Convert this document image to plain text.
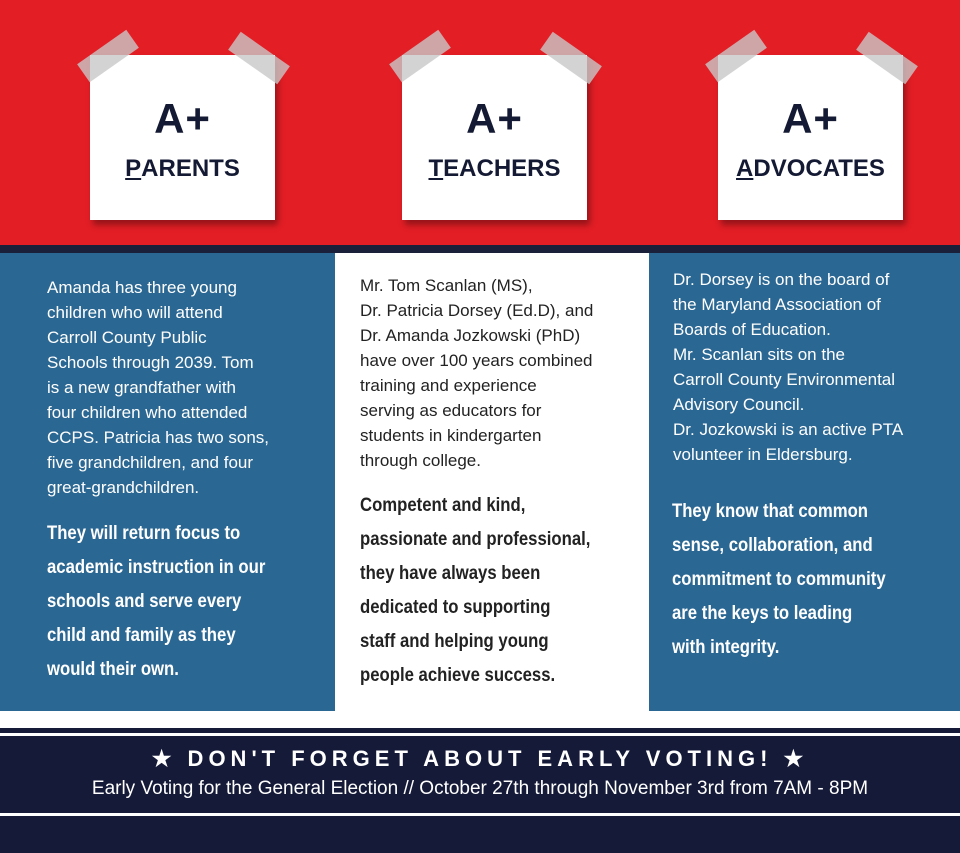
A+
PARENTS
A+
TEACHERS
A+
ADVOCATES
Amanda has three young
children who will attend
Carroll County Public
Schools through 2039. Tom
is a new grandfather with
four children who attended
CCPS. Patricia has two sons,
five grandchildren, and four
great-grandchildren.
They will return focus to
academic instruction in our
schools and serve every
child and family as they
would their own.
Mr. Tom Scanlan (MS),
Dr. Patricia Dorsey (Ed.D), and
Dr. Amanda Jozkowski (PhD)
have over 100 years combined
training and experience
serving as educators for
students in kindergarten
through college.
Competent and kind,
passionate and professional,
they have always been
dedicated to supporting
staff and helping young
people achieve success.
Dr. Dorsey is on the board of
the Maryland Association of
Boards of Education.
Mr. Scanlan sits on the
Carroll County Environmental
Advisory Council.
Dr. Jozkowski is an active PTA
volunteer in Eldersburg.
They know that common
sense, collaboration, and
commitment to community
are the keys to leading
with integrity.
★ DON'T FORGET ABOUT EARLY VOTING! ★
Early Voting for the General Election // October 27th through November 3rd from 7AM - 8PM
